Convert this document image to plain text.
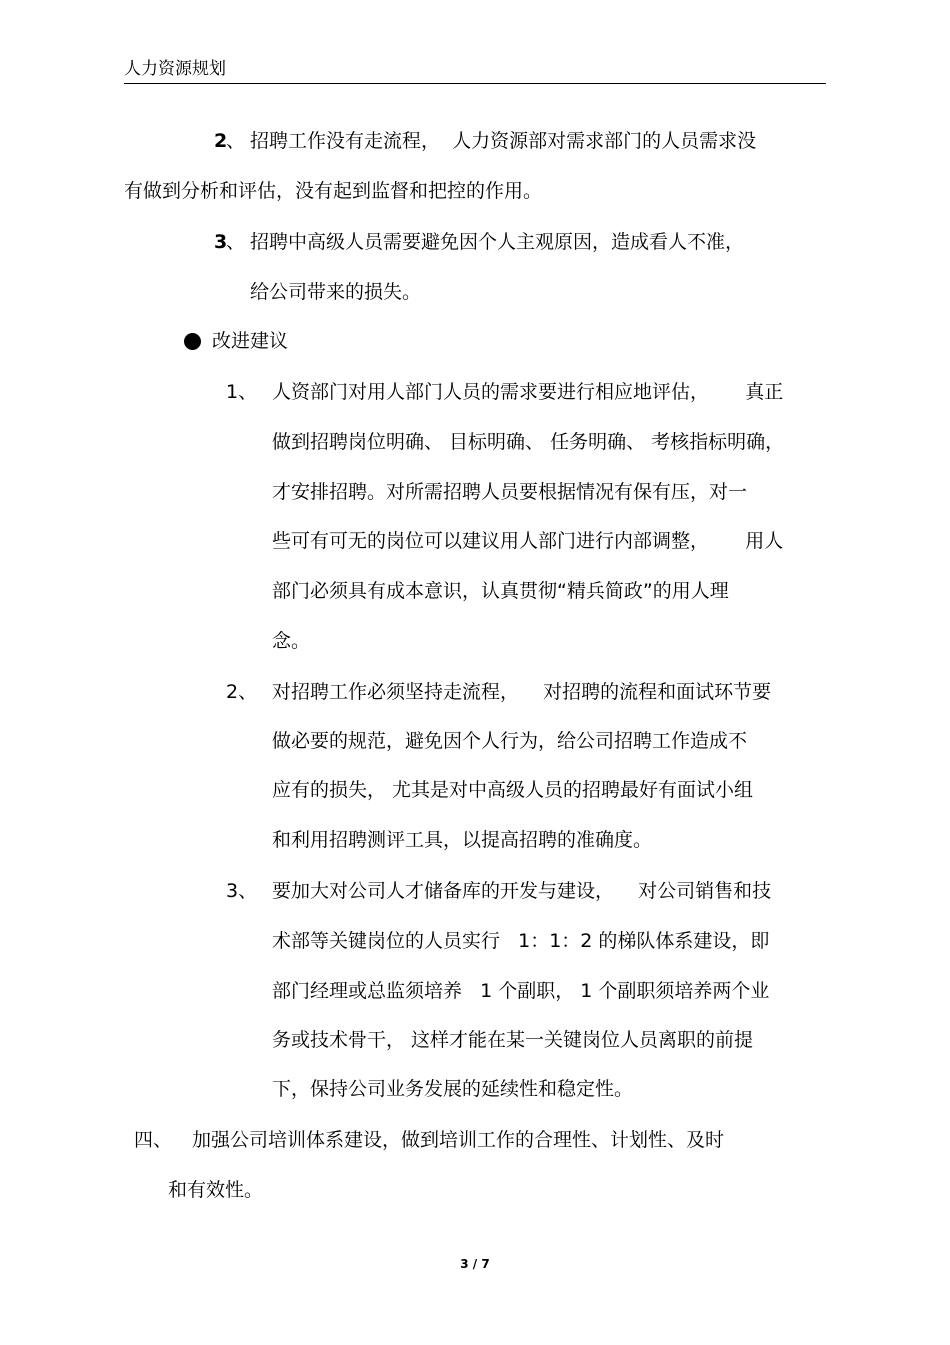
人力资源规划
2
、 招聘工作没有走流程，  人力资源部对需求部门的人员需求没
有做到分析和评估，没有起到监督和把控的作用。
3
、 招聘中高级人员需要避免因个人主观原因，造成看人不准，
给公司带来的损失。
改进建议
1、 人资部门对用人部门人员的需求要进行相应地评估，      真正
做到招聘岗位明确、 目标明确、 任务明确、 考核指标明确，
才安排招聘。对所需招聘人员要根据情况有保有压，对一
些可有可无的岗位可以建议用人部门进行内部调整，      用人
部门必须具有成本意识，认真贯彻“精兵简政”的用人理
念。
2、 对招聘工作必须坚持走流程，    对招聘的流程和面试环节要
做必要的规范，避免因个人行为，给公司招聘工作造成不
应有的损失， 尤其是对中高级人员的招聘最好有面试小组
和利用招聘测评工具，以提高招聘的准确度。
3、 要加大对公司人才储备库的开发与建设，    对公司销售和技
术部等关键岗位的人员实行   1：1：2 的梯队体系建设，即
部门经理或总监须培养   1 个副职， 1 个副职须培养两个业
务或技术骨干， 这样才能在某一关键岗位人员离职的前提
下，保持公司业务发展的延续性和稳定性。
四、 加强公司培训体系建设，做到培训工作的合理性、计划性、及时
和有效性。
3 / 7
